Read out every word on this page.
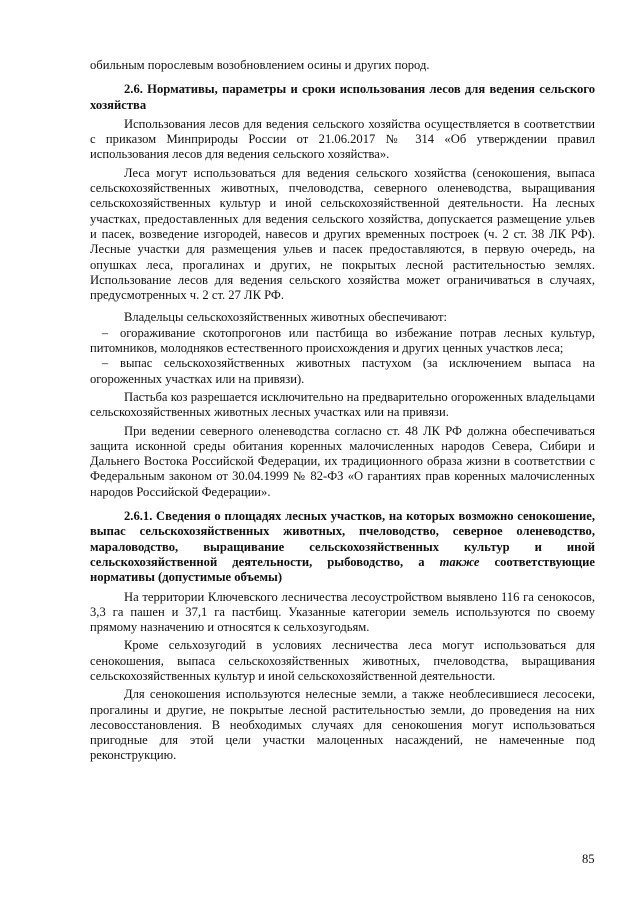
обильным порослевым возобновлением осины и других пород.

2.6. Нормативы, параметры и сроки использования лесов для ведения сельского хозяйства

Использования лесов для ведения сельского хозяйства осуществляется в соответствии с приказом Минприроды России от 21.06.2017 № 314 «Об утверждении правил использования лесов для ведения сельского хозяйства».

Леса могут использоваться для ведения сельского хозяйства (сенокошения, выпаса сельскохозяйственных животных, пчеловодства, северного оленеводства, выращивания сельскохозяйственных культур и иной сельскохозяйственной деятельности. На лесных участках, предоставленных для ведения сельского хозяйства, допускается размещение ульев и пасек, возведение изгородей, навесов и других временных построек (ч. 2 ст. 38 ЛК РФ). Лесные участки для размещения ульев и пасек предоставляются, в первую очередь, на опушках леса, прогалинах и других, не покрытых лесной растительностью землях. Использование лесов для ведения сельского хозяйства может ограничиваться в случаях, предусмотренных ч. 2 ст. 27 ЛК РФ.

Владельцы сельскохозяйственных животных обеспечивают:

– огораживание скотопрогонов или пастбища во избежание потрав лесных культур, питомников, молодняков естественного происхождения и других ценных участков леса;

– выпас сельскохозяйственных животных пастухом (за исключением выпаса на огороженных участках или на привязи).

Пастьба коз разрешается исключительно на предварительно огороженных владельцами сельскохозяйственных животных лесных участках или на привязи.

При ведении северного оленеводства согласно ст. 48 ЛК РФ должна обеспечиваться защита исконной среды обитания коренных малочисленных народов Севера, Сибири и Дальнего Востока Российской Федерации, их традиционного образа жизни в соответствии с Федеральным законом от 30.04.1999 № 82-ФЗ «О гарантиях прав коренных малочисленных народов Российской Федерации».

2.6.1. Сведения о площадях лесных участков, на которых возможно сенокошение, выпас сельскохозяйственных животных, пчеловодство, северное оленеводство, мараловодство, выращивание сельскохозяйственных культур и иной сельскохозяйственной деятельности, рыбоводство, а также соответствующие нормативы (допустимые объемы)

На территории Ключевского лесничества лесоустройством выявлено 116 га сенокосов, 3,3 га пашен и 37,1 га пастбищ. Указанные категории земель используются по своему прямому назначению и относятся к сельхозугодьям.

Кроме сельхозугодий в условиях лесничества леса могут использоваться для сенокошения, выпаса сельскохозяйственных животных, пчеловодства, выращивания сельскохозяйственных культур и иной сельскохозяйственной деятельности.

Для сенокошения используются нелесные земли, а также необлесившиеся лесосеки, прогалины и другие, не покрытые лесной растительностью земли, до проведения на них лесовосстановления. В необходимых случаях для сенокошения могут использоваться пригодные для этой цели участки малоценных насаждений, не намеченные под реконструкцию.

85
